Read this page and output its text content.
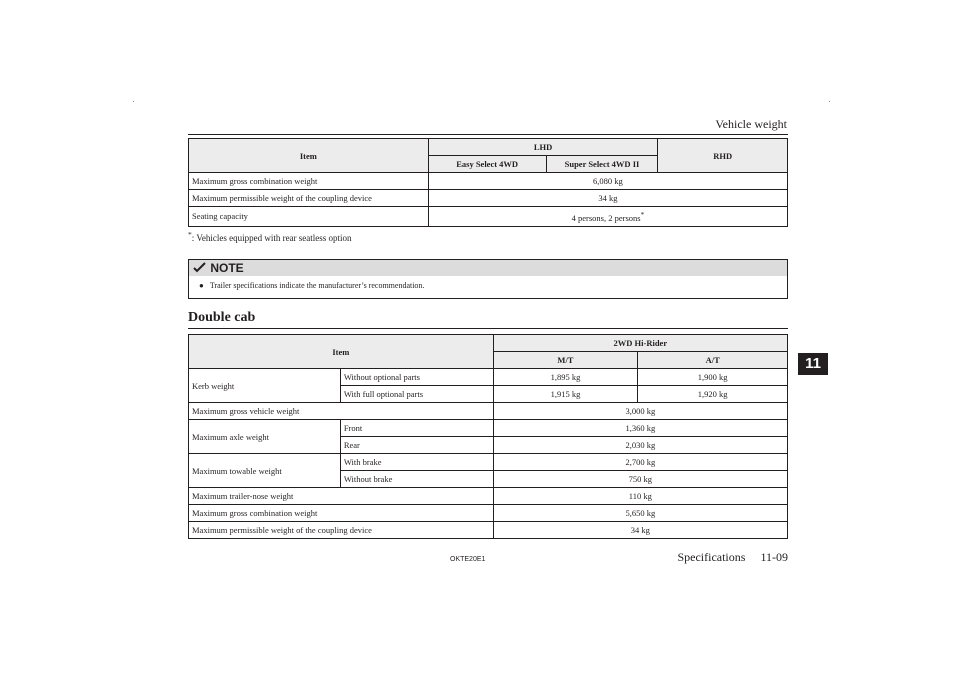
Vehicle weight
11
Item	LHD		RHD
	Easy Select 4WD	Super Select 4WD II	
Maximum gross combination weight	6,080 kg		
Maximum permissible weight of the coupling device	34 kg		
Seating capacity	4 persons, 2 persons*
*: Vehicles equipped with rear seatless option
NOTE
● Trailer specifications indicate the manufacturer’s recommendation.
Double cab
Item		2WD Hi-Rider	
		M/T	A/T
Kerb weight	Without optional parts	1,895 kg	1,900 kg
	With full optional parts	1,915 kg	1,920 kg
Maximum gross vehicle weight		3,000 kg	
Maximum axle weight	Front	1,360 kg	
	Rear	2,030 kg	
Maximum towable weight	With brake	2,700 kg	
	Without brake	750 kg	
Maximum trailer-nose weight		110 kg	
Maximum gross combination weight		5,650 kg	
Maximum permissible weight of the coupling device		34 kg	
OKTE20E1	Specifications 11-09
